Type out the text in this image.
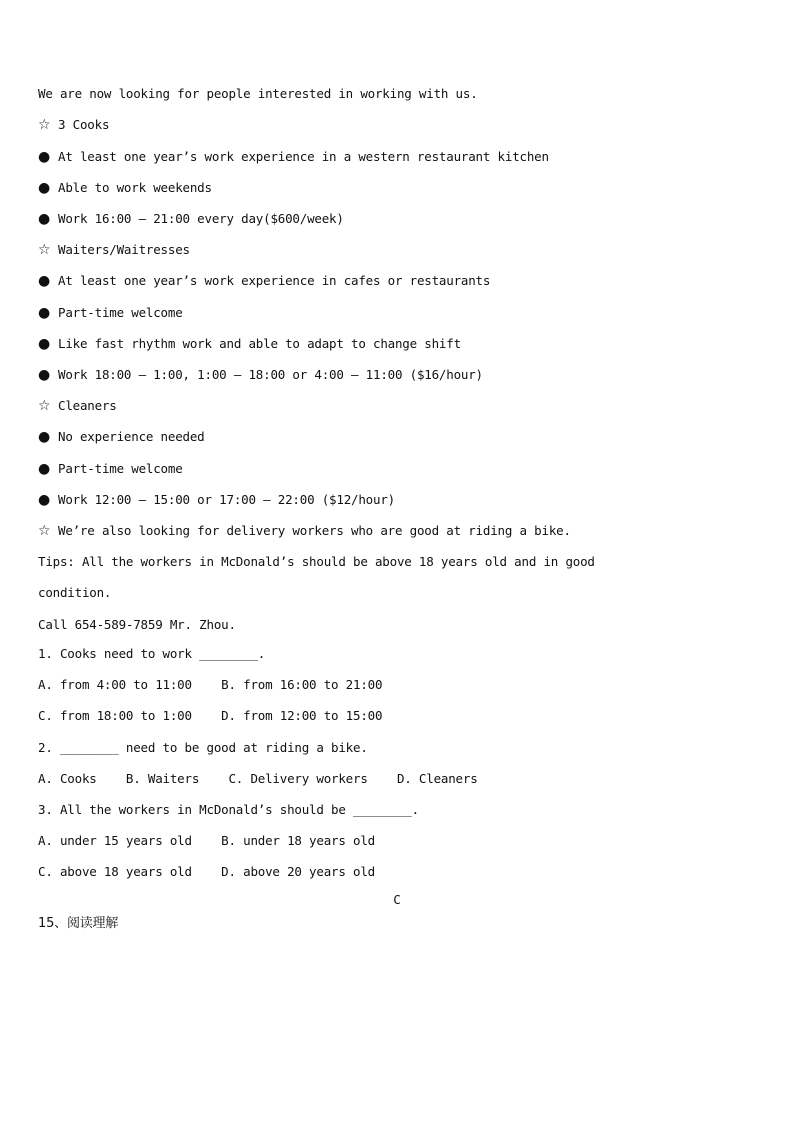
We are now looking for people interested in working with us.
☆ 3 Cooks
● At least one year’s work experience in a western restaurant kitchen
● Able to work weekends
● Work 16:00 — 21:00 every day($600/week)
☆ Waiters/Waitresses
● At least one year’s work experience in cafes or restaurants
● Part-time welcome
● Like fast rhythm work and able to adapt to change shift
● Work 18:00 — 1:00, 1:00 — 18:00 or 4:00 — 11:00 ($16/hour)
☆ Cleaners
● No experience needed
● Part-time welcome
● Work 12:00 — 15:00 or 17:00 — 22:00 ($12/hour)
☆ We’re also looking for delivery workers who are good at riding a bike.
Tips: All the workers in McDonald’s should be above 18 years old and in good
condition.
Call 654-589-7859 Mr. Zhou.
1. Cooks need to work ________.
A. from 4:00 to 11:00    B. from 16:00 to 21:00
C. from 18:00 to 1:00    D. from 12:00 to 15:00
2. ________ need to be good at riding a bike.
A. Cooks    B. Waiters    C. Delivery workers    D. Cleaners
3. All the workers in McDonald’s should be ________.
A. under 15 years old    B. under 18 years old
C. above 18 years old    D. above 20 years old
C
15、阅读理解
